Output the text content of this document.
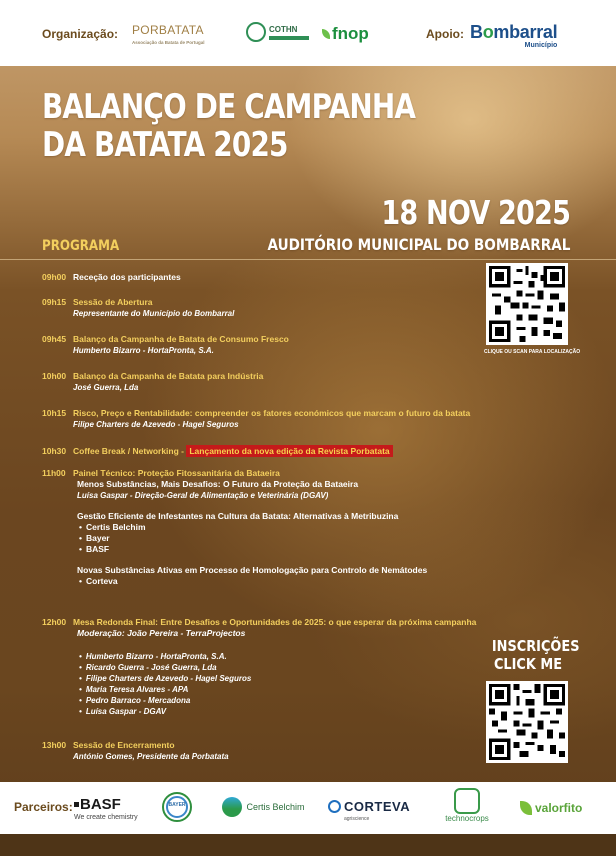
Organização: PORBATATA
Associação da Batata de Portugal
COTHN	fnop	Apoio: Bombarral
Município
BALANÇO DE CAMPANHA
DA BATATA 2025
18 NOV 2025
PROGRAMA	AUDITÓRIO MUNICIPAL DO BOMBARRAL
09h00 Receção dos participantes
09h15 Sessão de Abertura
Representante do Município do Bombarral
09h45 Balanço da Campanha de Batata de Consumo Fresco
Humberto Bizarro - HortaPronta, S.A.
10h00 Balanço da Campanha de Batata para Indústria
José Guerra, Lda
10h15 Risco, Preço e Rentabilidade: compreender os fatores económicos que marcam o futuro da batata
Filipe Charters de Azevedo - Hagel Seguros
10h30 Coffee Break / Networking - Lançamento da nova edição da Revista Porbatata
11h00 Painel Técnico: Proteção Fitossanitária da Bataeira
Menos Substâncias, Mais Desafios: O Futuro da Proteção da Bataeira
Luísa Gaspar - Direção-Geral de Alimentação e Veterinária (DGAV)
Gestão Eficiente de Infestantes na Cultura da Batata: Alternativas à Metribuzina
• Certis Belchim
• Bayer
• BASF
Novas Substâncias Ativas em Processo de Homologação para Controlo de Nemátodes
• Corteva
12h00 Mesa Redonda Final: Entre Desafios e Oportunidades de 2025: o que esperar da próxima campanha
Moderação: João Pereira - TerraProjectos
• Humberto Bizarro - HortaPronta, S.A.
• Ricardo Guerra - José Guerra, Lda
• Filipe Charters de Azevedo - Hagel Seguros
• Maria Teresa Alvares - APA
• Pedro Barraco - Mercadona
• Luísa Gaspar - DGAV
13h00 Sessão de Encerramento
António Gomes, Presidente da Porbatata
CLIQUE OU SCAN PARA LOCALIZAÇÃO
INSCRIÇÕES
CLICK ME
Parceiros: BASF
We create chemistry
BAYER	Certis Belchim	CORTEVA
agriscience	technocrops
valorfito
